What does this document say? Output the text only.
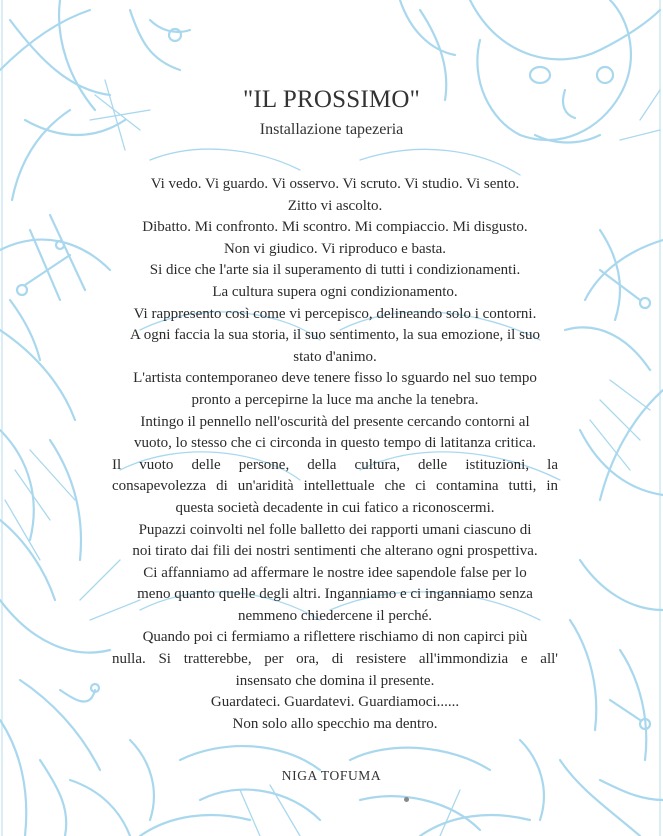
"IL PROSSIMO"
Installazione tapezeria
Vi vedo. Vi guardo. Vi osservo. Vi scruto. Vi studio. Vi sento.
Zitto vi ascolto.
Dibatto. Mi confronto. Mi scontro. Mi compiaccio. Mi disgusto.
Non vi giudico. Vi riproduco e basta.
Si dice che l'arte sia il superamento di tutti i condizionamenti.
La cultura supera ogni condizionamento.
Vi rappresento così come vi percepisco, delineando solo i contorni.
A ogni faccia la sua storia, il suo sentimento, la sua emozione, il suo
stato d'animo.
L'artista contemporaneo deve tenere fisso lo sguardo nel suo tempo
pronto a percepirne la luce ma anche la tenebra.
Intingo il pennello nell'oscurità del presente cercando contorni al
vuoto, lo stesso che ci circonda in questo tempo di latitanza critica.
Il vuoto delle persone, della cultura, delle istituzioni, la
consapevolezza di un'aridità intellettuale che ci contamina tutti, in
questa società decadente in cui fatico a riconoscermi.
Pupazzi coinvolti nel folle balletto dei rapporti umani ciascuno di
noi tirato dai fili dei nostri sentimenti che alterano ogni prospettiva.
Ci affanniamo ad affermare le nostre idee sapendole false per lo
meno quanto quelle degli altri. Inganniamo e ci inganniamo senza
nemmeno chiedercene il perché.
Quando poi ci fermiamo a riflettere rischiamo di non capirci più
nulla. Si tratterebbe, per ora, di resistere all'immondizia e all'
insensato che domina il presente.
Guardateci. Guardatevi. Guardiamoci......
Non solo allo specchio ma dentro.
NIGA TOFUMA
